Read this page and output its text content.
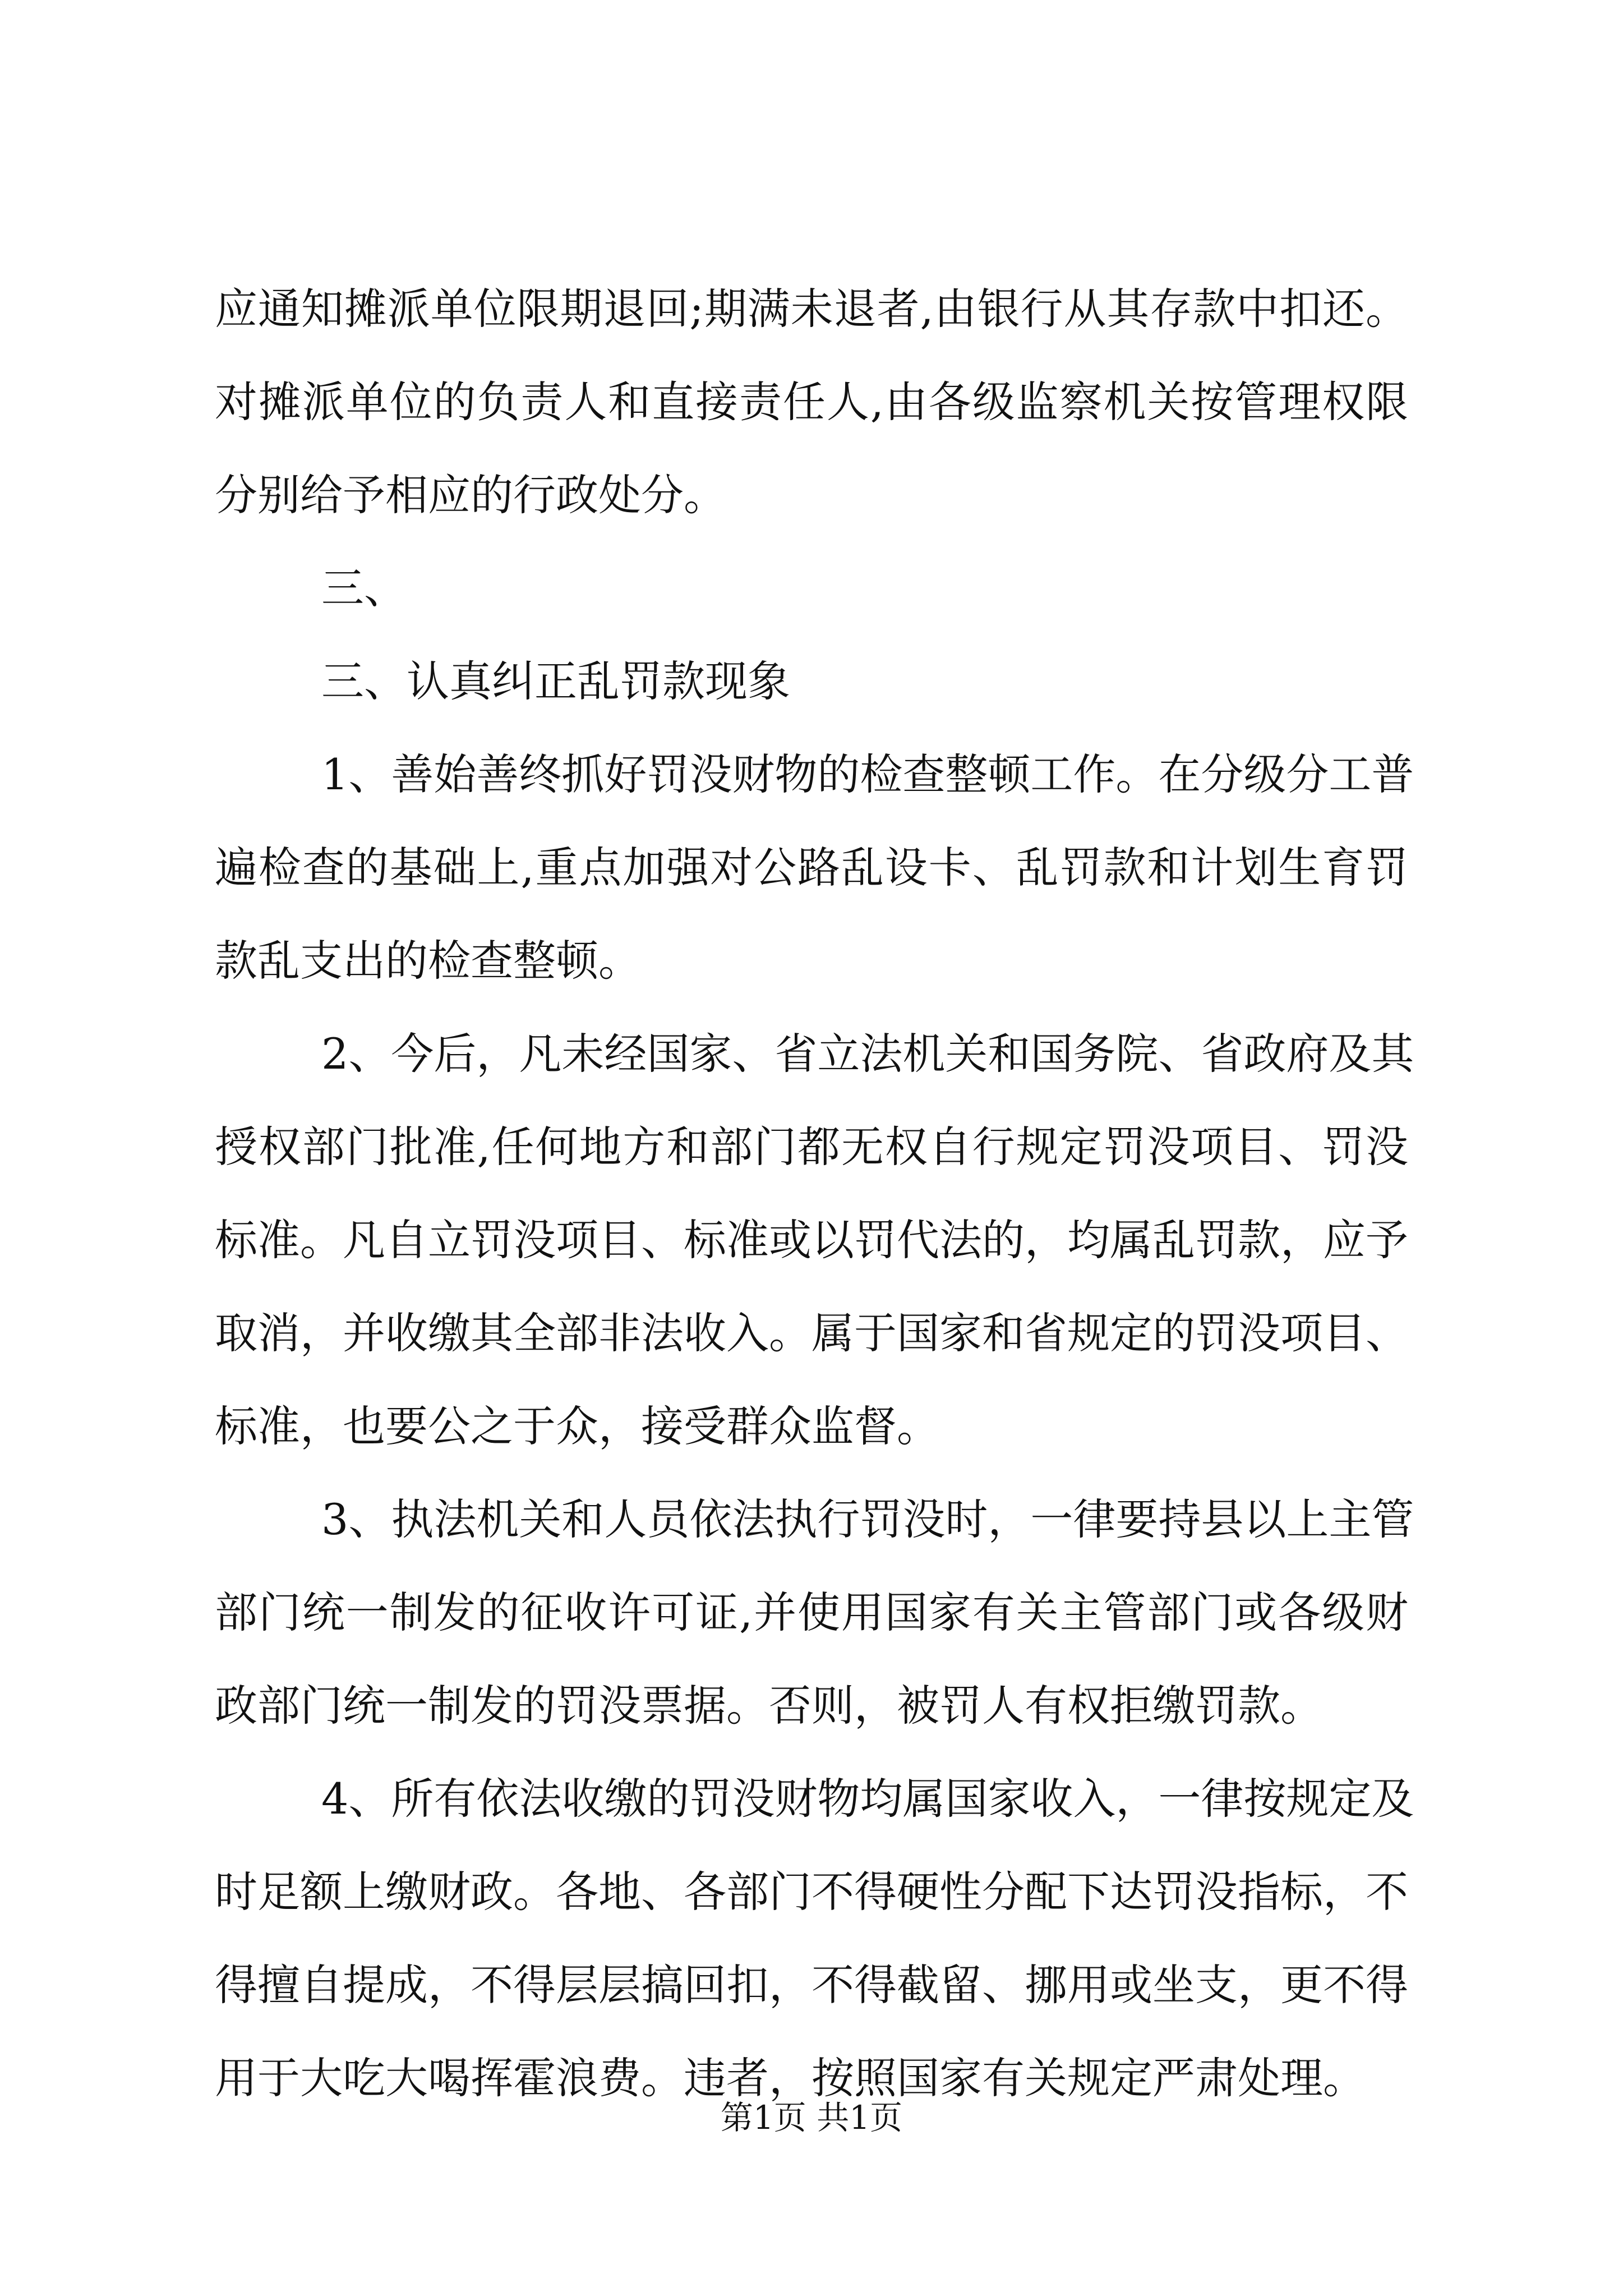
应通知摊派单位限期退回;期满未退者,由银行从其存款中扣还。
对摊派单位的负责人和直接责任人,由各级监察机关按管理权限
分别给予相应的行政处分。
三、
三、认真纠正乱罚款现象
1、善始善终抓好罚没财物的检查整顿工作。在分级分工普
遍检查的基础上,重点加强对公路乱设卡、乱罚款和计划生育罚
款乱支出的检查整顿。
2、今后，凡未经国家、省立法机关和国务院、省政府及其
授权部门批准,任何地方和部门都无权自行规定罚没项目、罚没
标准。凡自立罚没项目、标准或以罚代法的，均属乱罚款，应予
取消，并收缴其全部非法收入。属于国家和省规定的罚没项目、
标准，也要公之于众，接受群众监督。
3、执法机关和人员依法执行罚没时，一律要持县以上主管
部门统一制发的征收许可证,并使用国家有关主管部门或各级财
政部门统一制发的罚没票据。否则，被罚人有权拒缴罚款。
4、所有依法收缴的罚没财物均属国家收入，一律按规定及
时足额上缴财政。各地、各部门不得硬性分配下达罚没指标，不
得擅自提成，不得层层搞回扣，不得截留、挪用或坐支，更不得
用于大吃大喝挥霍浪费。违者，按照国家有关规定严肃处理。
第1页 共1页
